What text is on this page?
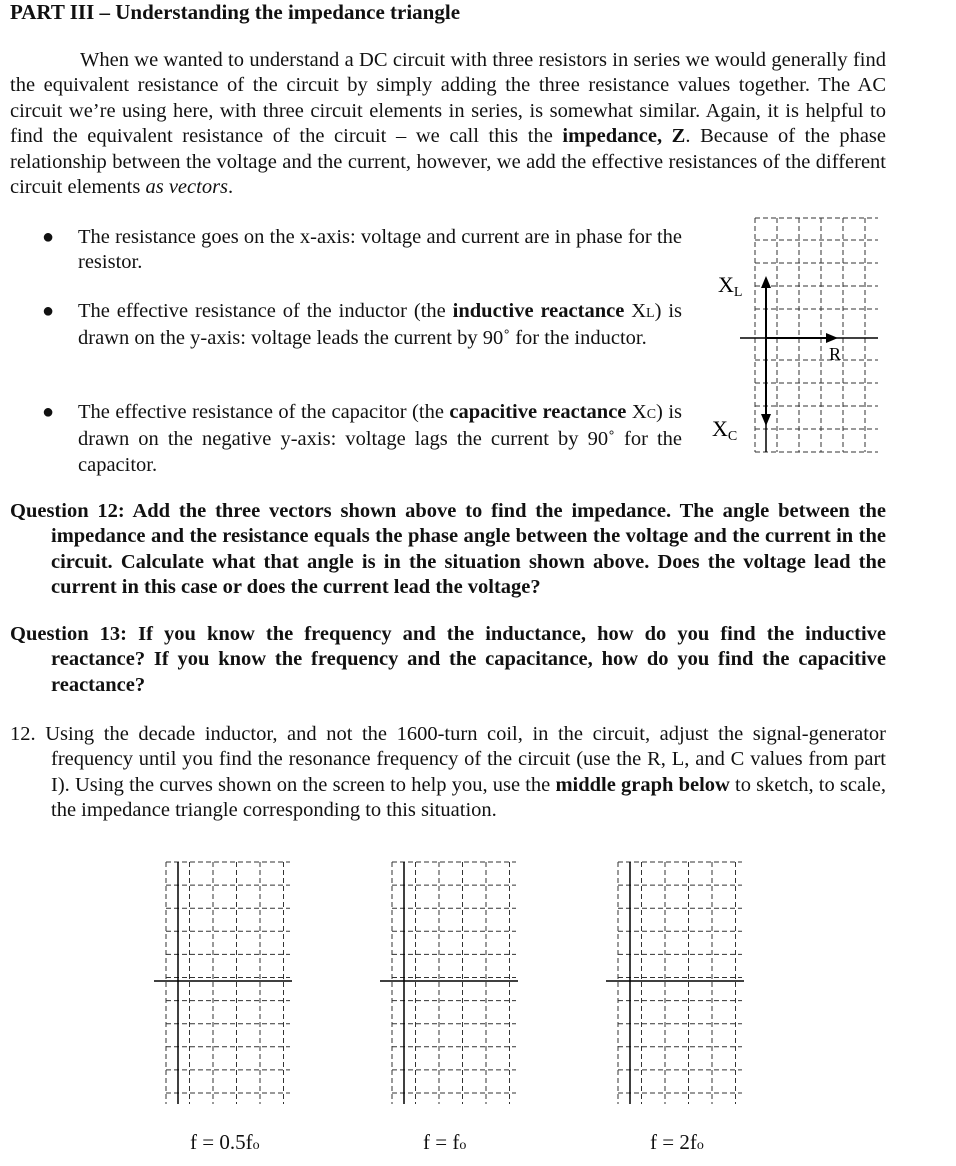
PART III – Understanding the impedance triangle
When we wanted to understand a DC circuit with three resistors in series we would generally find the equivalent resistance of the circuit by simply adding the three resistance values together. The AC circuit we’re using here, with three circuit elements in series, is somewhat similar. Again, it is helpful to find the equivalent resistance of the circuit – we call this the impedance, Z. Because of the phase relationship between the voltage and the current, however, we add the effective resistances of the different circuit elements as vectors.
● The resistance goes on the x-axis: voltage and current are in phase for the resistor.
● The effective resistance of the inductor (the inductive reactance XL) is drawn on the y-axis: voltage leads the current by 90˚ for the inductor.
● The effective resistance of the capacitor (the capacitive reactance XC) is drawn on the negative y-axis: voltage lags the current by 90˚ for the capacitor.
XL
XC
R
Question 12: Add the three vectors shown above to find the impedance. The angle between the impedance and the resistance equals the phase angle between the voltage and the current in the circuit. Calculate what that angle is in the situation shown above. Does the voltage lead the current in this case or does the current lead the voltage?
Question 13: If you know the frequency and the inductance, how do you find the inductive reactance? If you know the frequency and the capacitance, how do you find the capacitive reactance?
12. Using the decade inductor, and not the 1600-turn coil, in the circuit, adjust the signal-generator frequency until you find the resonance frequency of the circuit (use the R, L, and C values from part I). Using the curves shown on the screen to help you, use the middle graph below to sketch, to scale, the impedance triangle corresponding to this situation.
f = 0.5fo	f = fo	f = 2fo
